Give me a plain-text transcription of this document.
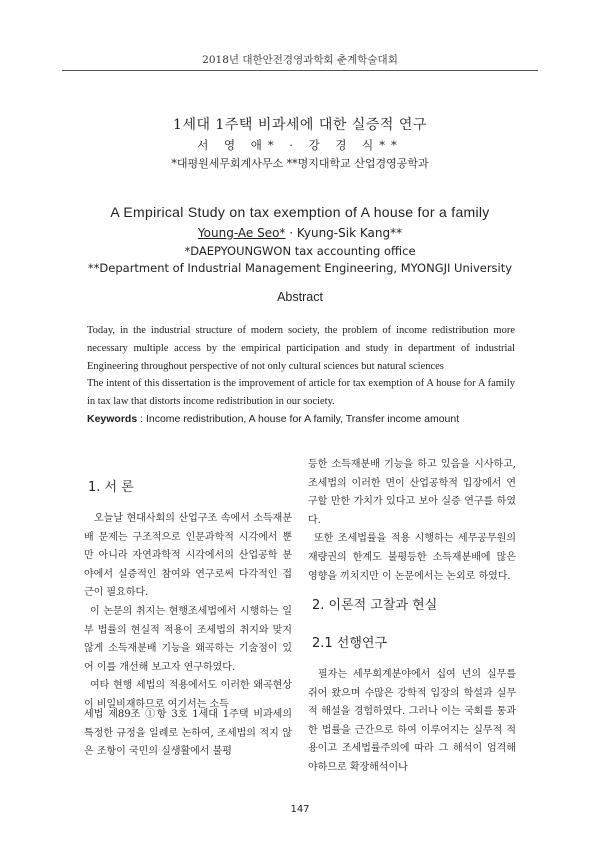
2018년 대한안전경영과학회 춘계학술대회
1세대 1주택 비과세에 대한 실증적 연구
서 영 애* · 강 경 식**
*대평원세무회계사무소 **명지대학교 산업경영공학과
A Empirical Study on tax exemption of A house for a family
Young-Ae Seo* · Kyung-Sik Kang**
*DAEPYOUNGWON tax accounting office
**Department of Industrial Management Engineering, MYONGJI University
Abstract

Today, in the industrial structure of modern society, the problem of income redistribution more necessary multiple access by the empirical participation and study in department of industrial Engineering throughout perspective of not only cultural sciences but natural sciences

The intent of this dissertation is the improvement of article for tax exemption of A house for A family in tax law that distorts income redistribution in our society.

Keywords : Income redistribution, A house for A family, Transfer income amount

1. 서 론

오늘날 현대사회의 산업구조 속에서 소득재분배 문제는 구조적으로 인문과학적 시각에서 뿐만 아니라 자연과학적 시각에서의 산업공학 분야에서 실증적인 참여와 연구로써 다각적인 접근이 필요하다.

이 논문의 취지는 현행조세법에서 시행하는 일부 법률의 현실적 적용이 조세법의 취지와 맞지 않게 소득재분배 기능을 왜곡하는 기술점이 있어 이를 개선해 보고자 연구하였다.

여타 현행 세법의 적용에서도 이러한 왜곡현상이 비일비재하므로 여기서는 소득

세법 제89조 ①항 3호 1세대 1주택 비과세의 특정한 규정을 일례로 논하여, 조세법의 적지 않은 조항이 국민의 실생활에서 불평

등한 소득재분배 기능을 하고 있음을 시사하고, 조세법의 이러한 면이 산업공학적 입장에서 연구할 만한 가치가 있다고 보아 실증 연구를 하였다.

또한 조세법률을 적용 시행하는 세무공무원의 재량권의 한계도 불평등한 소득재분배에 많은 영향을 끼치지만 이 논문에서는 논외로 하였다.

2. 이론적 고찰과 현실
2.1 선행연구

필자는 세무회계분야에서 십여 년의 실무를 쥐어 왔으며 수많은 강학적 입장의 학설과 실무적 해설을 경험하였다. 그러나 이는 국회를 통과한 법률을 근간으로 하여 이루어지는 실무적 적용이고 조세법률주의에 따라 그 해석이 엄격해야하므로 확장해석이나

147
